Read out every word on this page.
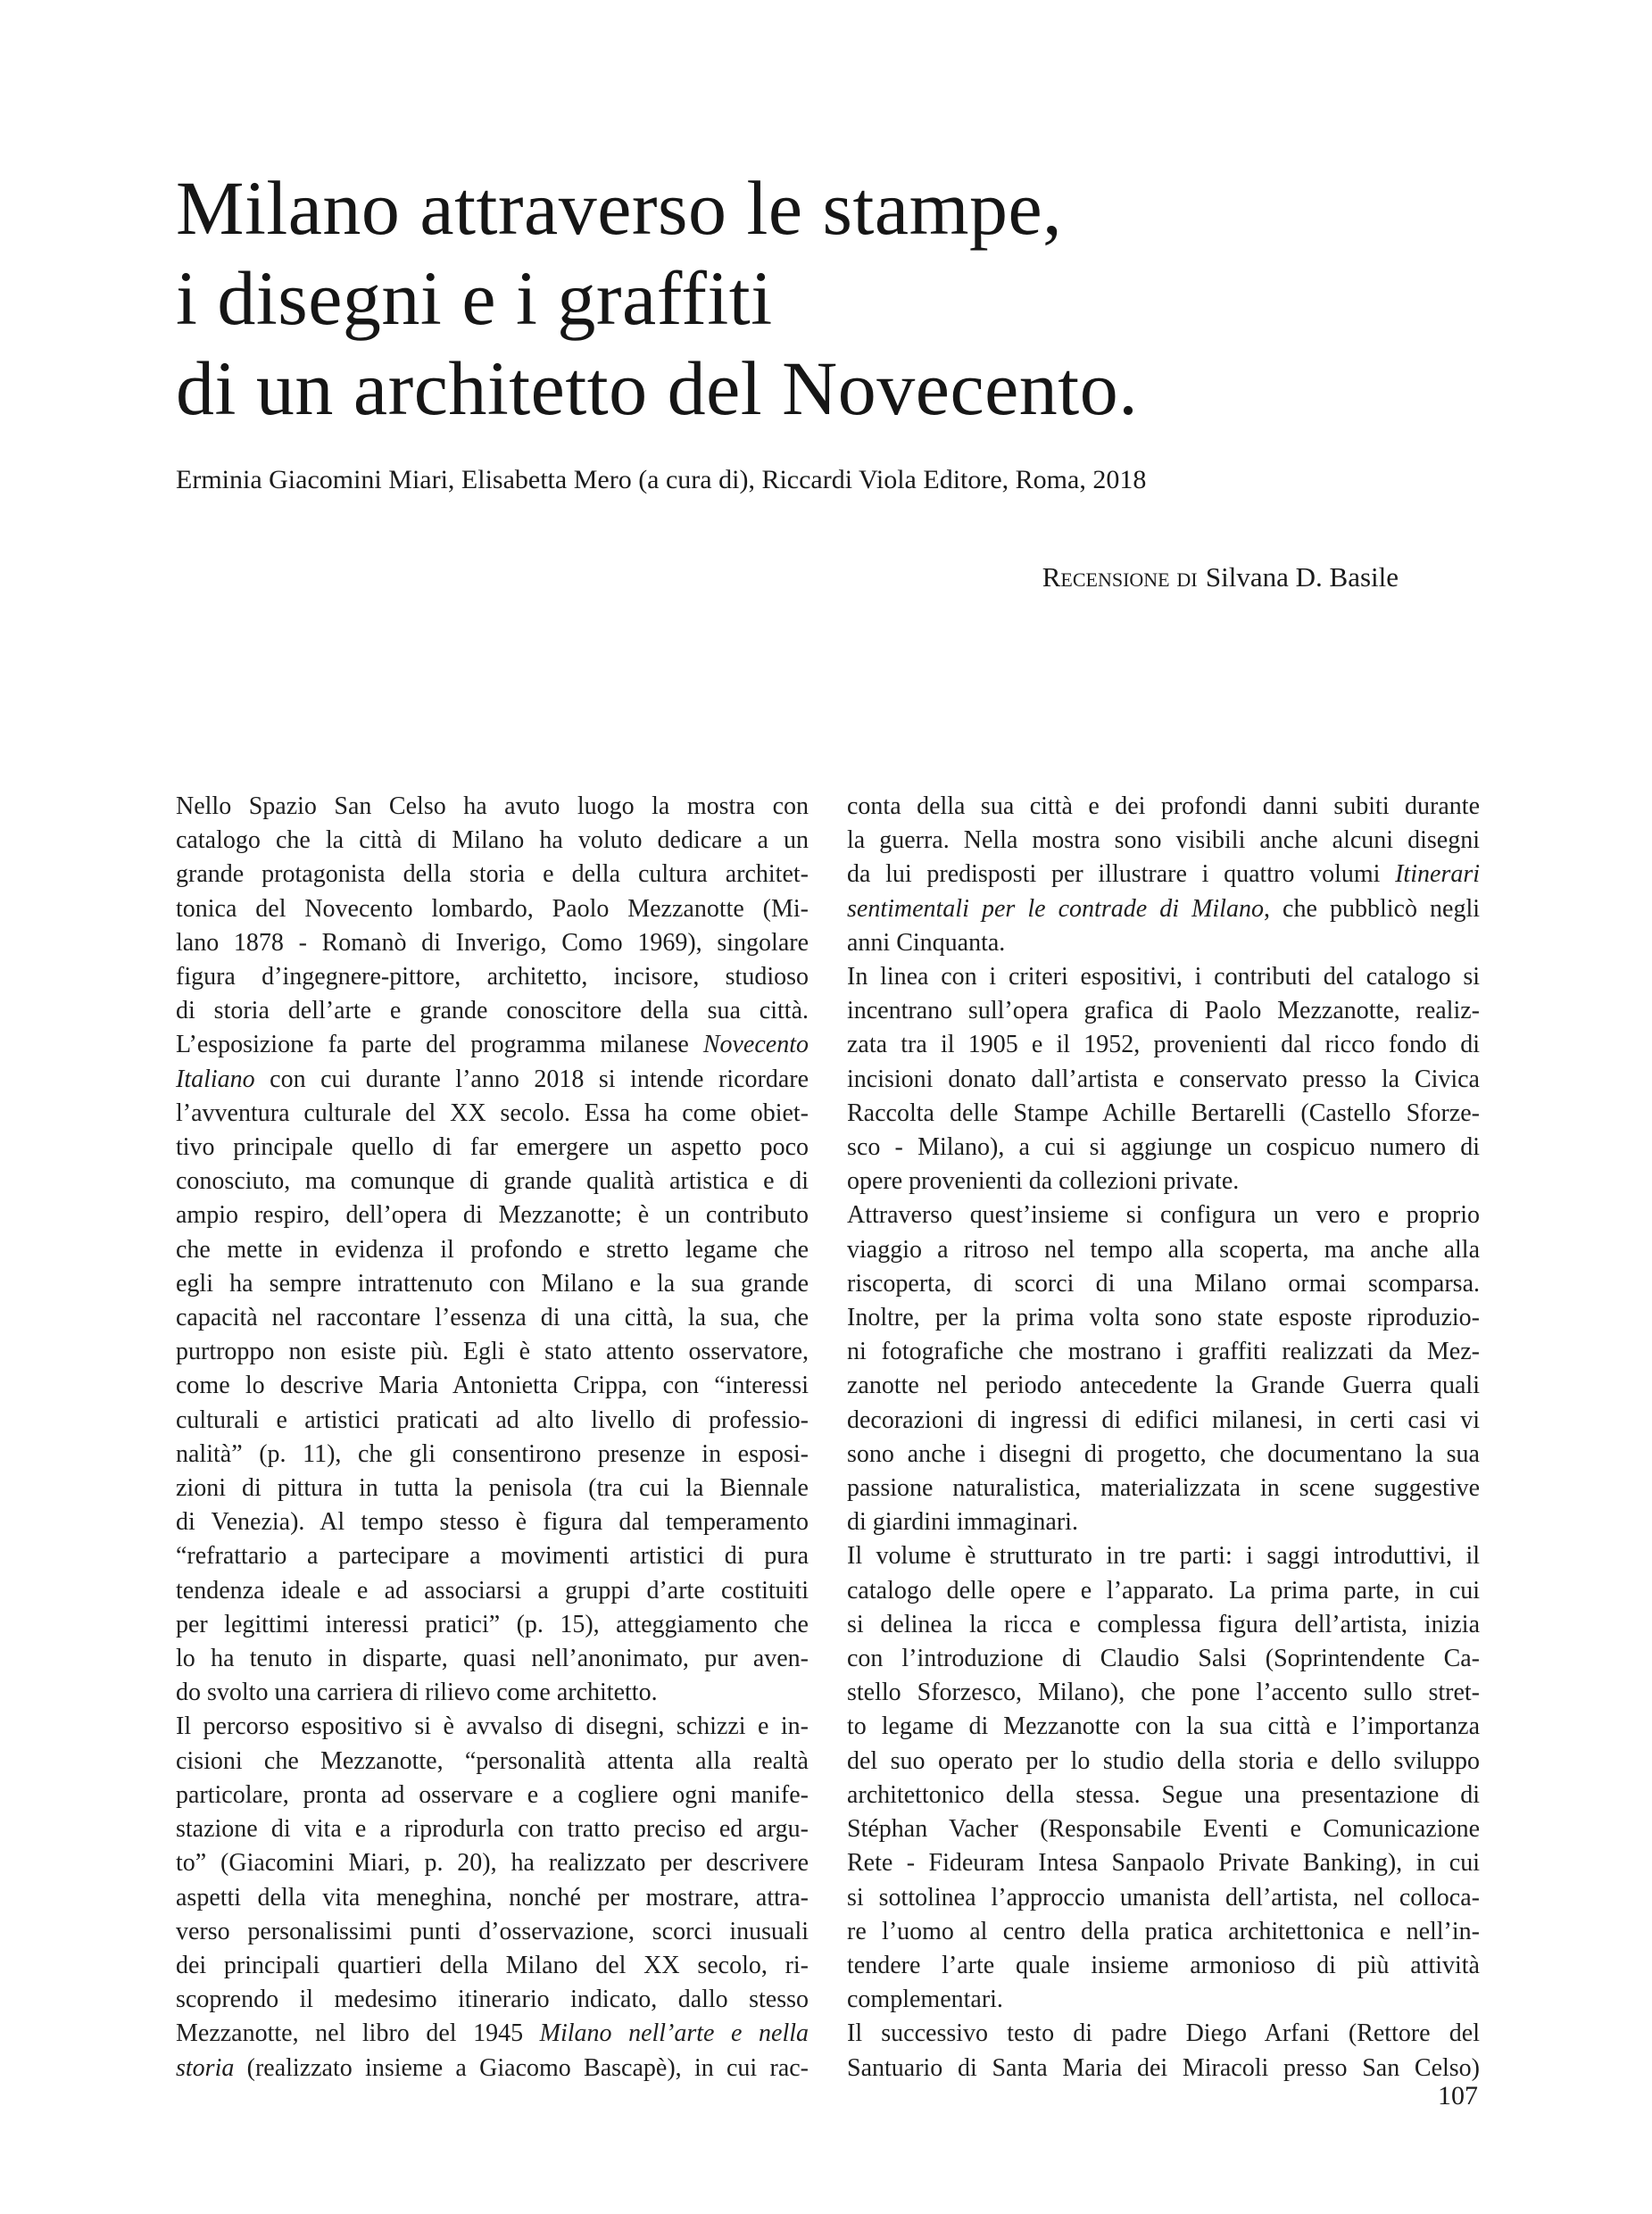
Milano attraverso le stampe,
i disegni e i graffiti
di un architetto del Novecento.

Erminia Giacomini Miari, Elisabetta Mero (a cura di), Riccardi Viola Editore, Roma, 2018

Recensione di Silvana D. Basile

Nello Spazio San Celso ha avuto luogo la mostra con
catalogo che la città di Milano ha voluto dedicare a un
grande protagonista della storia e della cultura architet-
tonica del Novecento lombardo, Paolo Mezzanotte (Mi-
lano 1878 - Romanò di Inverigo, Como 1969), singolare
figura d’ingegnere-pittore, architetto, incisore, studioso
di storia dell’arte e grande conoscitore della sua città.
L’esposizione fa parte del programma milanese Novecento
Italiano con cui durante l’anno 2018 si intende ricordare
l’avventura culturale del XX secolo. Essa ha come obiet-
tivo principale quello di far emergere un aspetto poco
conosciuto, ma comunque di grande qualità artistica e di
ampio respiro, dell’opera di Mezzanotte; è un contributo
che mette in evidenza il profondo e stretto legame che
egli ha sempre intrattenuto con Milano e la sua grande
capacità nel raccontare l’essenza di una città, la sua, che
purtroppo non esiste più. Egli è stato attento osservatore,
come lo descrive Maria Antonietta Crippa, con “interessi
culturali e artistici praticati ad alto livello di professio-
nalità” (p. 11), che gli consentirono presenze in esposi-
zioni di pittura in tutta la penisola (tra cui la Biennale
di Venezia). Al tempo stesso è figura dal temperamento
“refrattario a partecipare a movimenti artistici di pura
tendenza ideale e ad associarsi a gruppi d’arte costituiti
per legittimi interessi pratici” (p. 15), atteggiamento che
lo ha tenuto in disparte, quasi nell’anonimato, pur aven-
do svolto una carriera di rilievo come architetto.
Il percorso espositivo si è avvalso di disegni, schizzi e in-
cisioni che Mezzanotte, “personalità attenta alla realtà
particolare, pronta ad osservare e a cogliere ogni manife-
stazione di vita e a riprodurla con tratto preciso ed argu-
to” (Giacomini Miari, p. 20), ha realizzato per descrivere
aspetti della vita meneghina, nonché per mostrare, attra-
verso personalissimi punti d’osservazione, scorci inusuali
dei principali quartieri della Milano del XX secolo, ri-
scoprendo il medesimo itinerario indicato, dallo stesso
Mezzanotte, nel libro del 1945 Milano nell’arte e nella
storia (realizzato insieme a Giacomo Bascapè), in cui rac-
conta della sua città e dei profondi danni subiti durante
la guerra. Nella mostra sono visibili anche alcuni disegni
da lui predisposti per illustrare i quattro volumi Itinerari
sentimentali per le contrade di Milano, che pubblicò negli
anni Cinquanta.
In linea con i criteri espositivi, i contributi del catalogo si
incentrano sull’opera grafica di Paolo Mezzanotte, realiz-
zata tra il 1905 e il 1952, provenienti dal ricco fondo di
incisioni donato dall’artista e conservato presso la Civica
Raccolta delle Stampe Achille Bertarelli (Castello Sforze-
sco - Milano), a cui si aggiunge un cospicuo numero di
opere provenienti da collezioni private.
Attraverso quest’insieme si configura un vero e proprio
viaggio a ritroso nel tempo alla scoperta, ma anche alla
riscoperta, di scorci di una Milano ormai scomparsa.
Inoltre, per la prima volta sono state esposte riproduzio-
ni fotografiche che mostrano i graffiti realizzati da Mez-
zanotte nel periodo antecedente la Grande Guerra quali
decorazioni di ingressi di edifici milanesi, in certi casi vi
sono anche i disegni di progetto, che documentano la sua
passione naturalistica, materializzata in scene suggestive
di giardini immaginari.
Il volume è strutturato in tre parti: i saggi introduttivi, il
catalogo delle opere e l’apparato. La prima parte, in cui
si delinea la ricca e complessa figura dell’artista, inizia
con l’introduzione di Claudio Salsi (Soprintendente Ca-
stello Sforzesco, Milano), che pone l’accento sullo stret-
to legame di Mezzanotte con la sua città e l’importanza
del suo operato per lo studio della storia e dello sviluppo
architettonico della stessa. Segue una presentazione di
Stéphan Vacher (Responsabile Eventi e Comunicazione
Rete - Fideuram Intesa Sanpaolo Private Banking), in cui
si sottolinea l’approccio umanista dell’artista, nel colloca-
re l’uomo al centro della pratica architettonica e nell’in-
tendere l’arte quale insieme armonioso di più attività
complementari.
Il successivo testo di padre Diego Arfani (Rettore del
Santuario di Santa Maria dei Miracoli presso San Celso)
107
